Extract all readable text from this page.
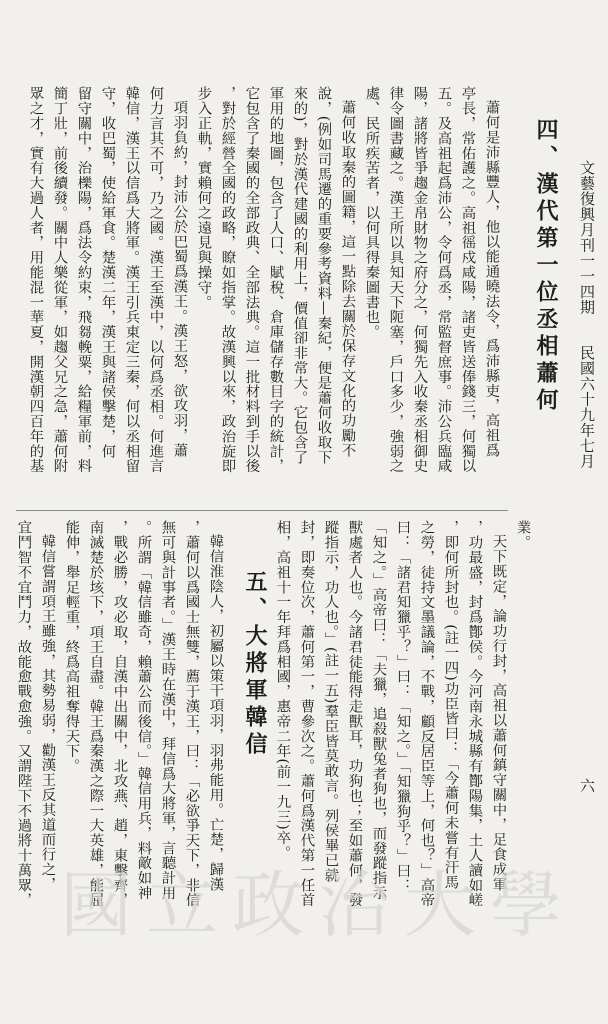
文藝復興月刊一一四期
民國六十九年七月
六
四、漢代第一位丞相蕭何
蕭何是沛縣豐人，他以能通曉法令，爲沛縣吏，高祖爲
亭長，常佑護之。高祖徭戍咸陽，諸吏皆送俸錢三，何獨以
五。及高祖起爲沛公，令何爲丞，常監督庶事。沛公兵臨咸
陽，諸將皆爭趨金帛財物之府分之，何獨先入收秦丞相御史
律令圖書藏之。漢王所以具知天下阨塞，戶口多少，強弱之
處、民所疾苦者，以何具得秦圖書也。
蕭何收取秦的圖籍，這一點除去關於保存文化的功勵不
說，(例如司馬遷的重要參考資料—秦紀，便是蕭何收取下
來的)，對於漢代建國的利用上，價值卻非常大。它包含了
軍用的地圖，包含了人口、賦稅、倉庫儲存數目字的統計，
它包含了秦國的全部政典、全部法典。這一批材料到手以後
，對於經營全國的政略，瞭如指掌。故漢興以來，政治旋即
步入正軌，實賴何之遠見與操守。
項羽負約，封沛公於巴蜀爲漢王。漢王怒，欲攻羽，蕭
何力言其不可，乃之國。漢王至漢中，以何爲丞相。何進言
韓信，漢王以信爲大將軍。漢王引兵東定三秦，何以丞相留
守，收巴蜀，使給軍食。楚漢二年，漢王與諸侯擊楚，何
留守關中，治櫟陽，爲法令約束，飛芻輓粟，給糧軍前，料
簡丁壯，前後續發。關中人樂從軍，如趨父兄之急，蕭何附
眾之才，實有大過人者，用能混一華夏，開漢朝四百年的基
業。
天下既定，論功行封，高祖以蕭何鎮守關中，足食成軍
，功最盛，封爲酇侯。今河南永城縣有酇陽集，土人讀如嵯
，即何所封也。(註一四)功臣皆曰：「今蕭何未嘗有汗馬
之勞，徒持文墨議論，不戰，顧反居臣等上，何也？」高帝
曰：「諸君知獵乎？」曰：「知之。」「知獵狗乎？」曰：
「知之。」高帝曰：「夫獵，追殺獸兔者狗也，而發蹤指示
獸處者人也。今諸君徒能得走獸耳，功狗也；至如蕭何，發
蹤指示，功人也。」(註一五)羣臣皆莫敢言。列侯畢已就
封，即奏位次，蕭何第一，曹參次之。蕭何爲漢代第一任首
相，高祖十一年拜爲相國，惠帝二年(前一九三)卒。
五、大將軍韓信
韓信淮陰人，初屬以策干項羽，羽弗能用。亡楚，歸漢
，蕭何以爲國士無雙，薦于漢王，曰：「必欲爭天下，非信
無可與計事者。」漢王時在漢中，拜信爲大將軍，言聽計用
。所謂「韓信雖奇，賴蕭公而後信。」韓信用兵，料敵如神
，戰必勝，攻必取，自漢中出關中，北攻燕、趙，東擊齊，
南滅楚於垓下，項王自盡。韓王爲秦漢之際一大英雄，能屈
能伸，舉足輕重，終爲高祖奪得天下。
韓信嘗謂項王雖強，其勢易弱，勸漢王反其道而行之，
宜鬥智不宜鬥力，故能愈戰愈強。又謂陛下不過將十萬眾， 國立政治大學
